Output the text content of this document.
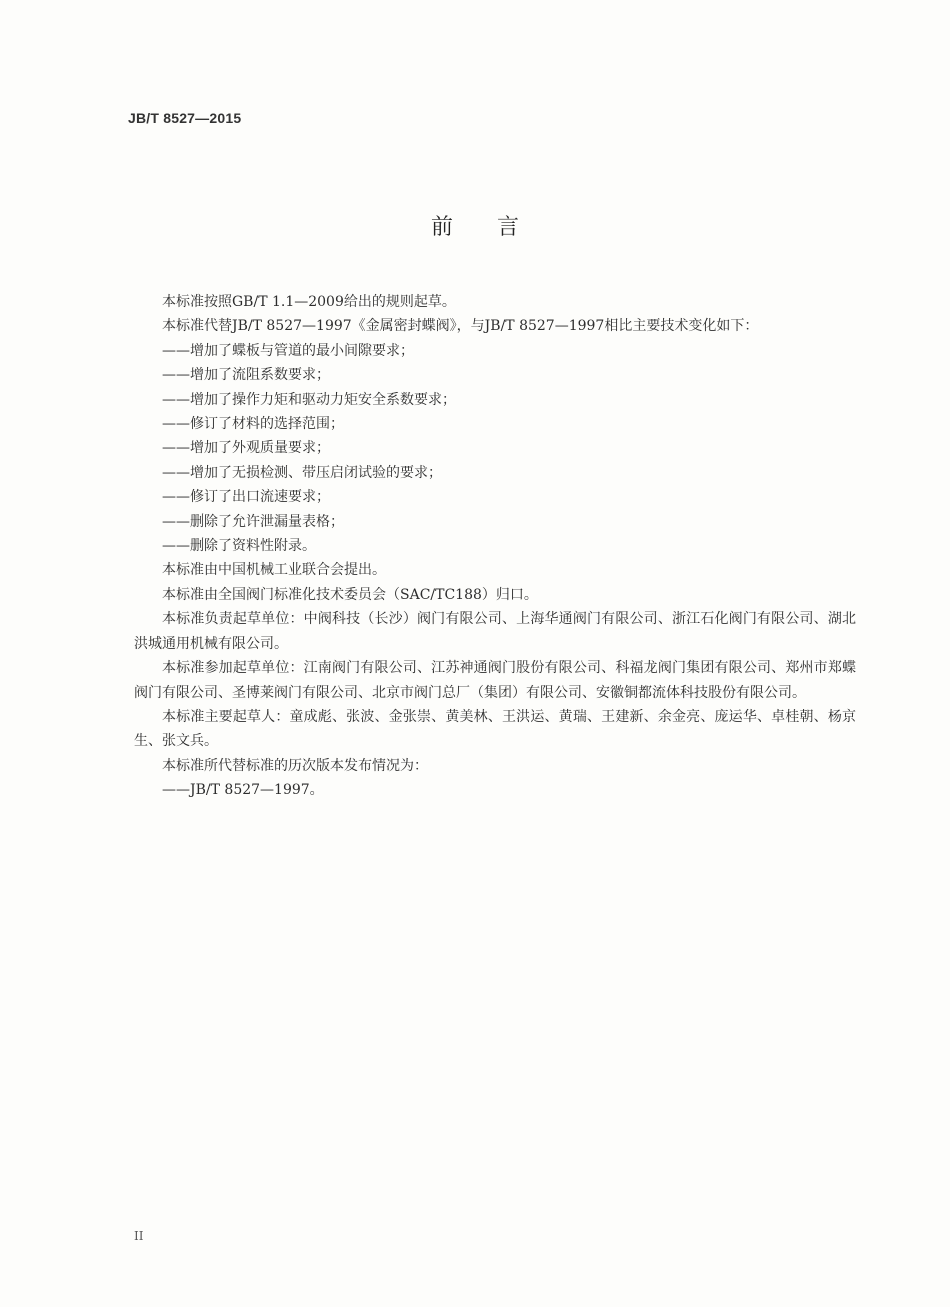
JB/T 8527—2015
前言

本标准按照GB/T 1.1—2009给出的规则起草。

本标准代替JB/T 8527—1997《金属密封蝶阀》，与JB/T 8527—1997相比主要技术变化如下：

——增加了蝶板与管道的最小间隙要求；

——增加了流阻系数要求；

——增加了操作力矩和驱动力矩安全系数要求；

——修订了材料的选择范围；

——增加了外观质量要求；

——增加了无损检测、带压启闭试验的要求；

——修订了出口流速要求；

——删除了允许泄漏量表格；

——删除了资料性附录。

本标准由中国机械工业联合会提出。

本标准由全国阀门标准化技术委员会（SAC/TC188）归口。

本标准负责起草单位：中阀科技（长沙）阀门有限公司、上海华通阀门有限公司、浙江石化阀门有限公司、湖北洪城通用机械有限公司。

本标准参加起草单位：江南阀门有限公司、江苏神通阀门股份有限公司、科福龙阀门集团有限公司、郑州市郑蝶阀门有限公司、圣博莱阀门有限公司、北京市阀门总厂（集团）有限公司、安徽铜都流体科技股份有限公司。

本标准主要起草人：童成彪、张波、金张崇、黄美林、王洪运、黄瑞、王建新、余金亮、庞运华、卓桂朝、杨京生、张文兵。

本标准所代替标准的历次版本发布情况为：

——JB/T 8527—1997。

II
